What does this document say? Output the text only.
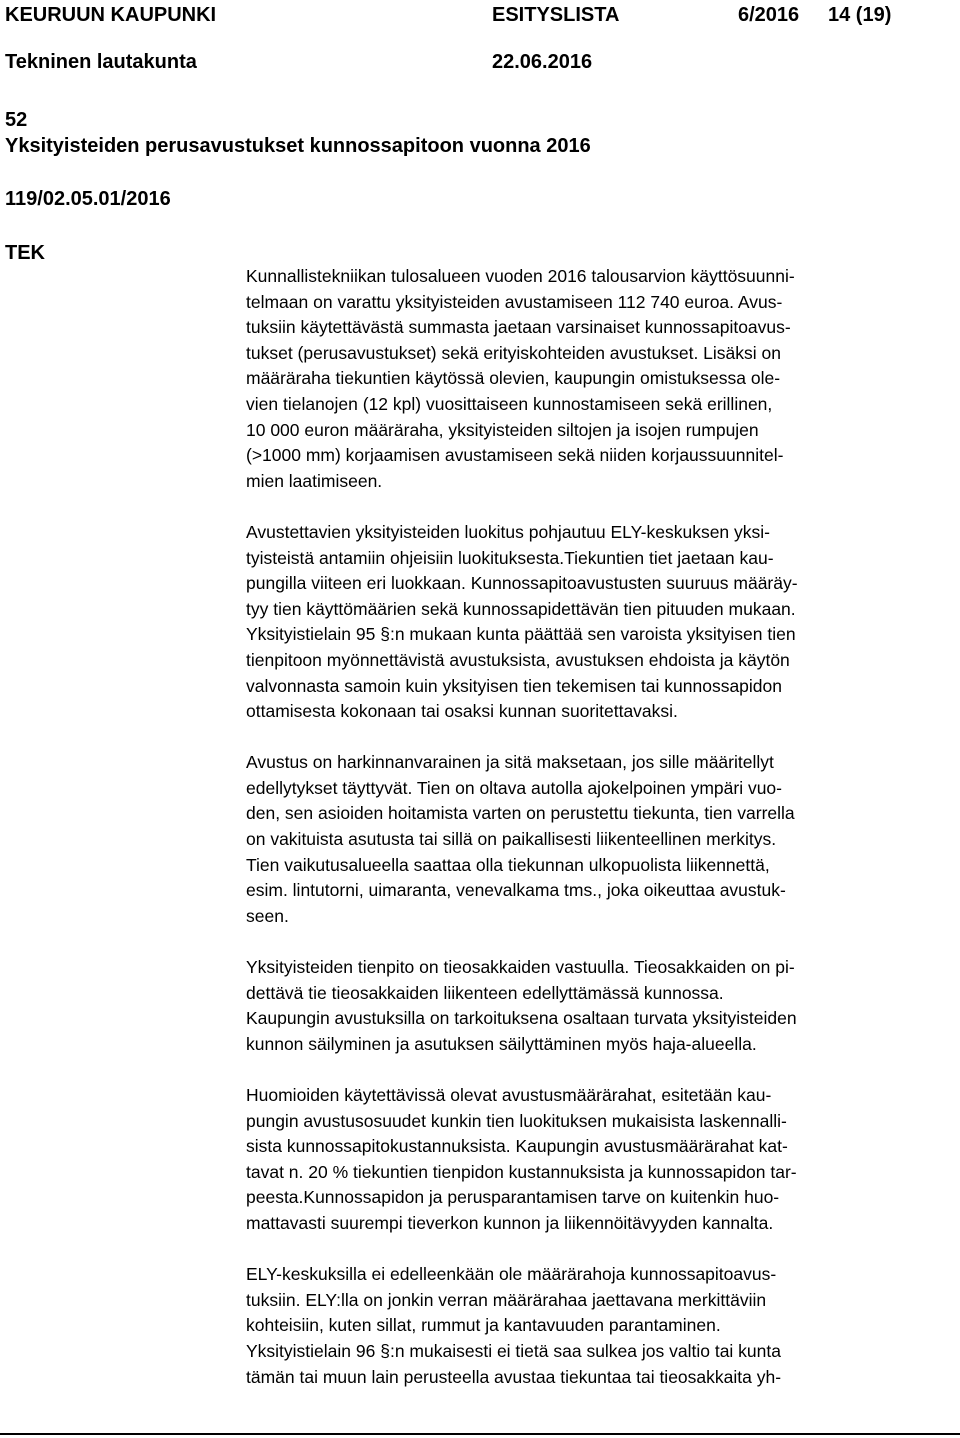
KEURUUN KAUPUNKI	ESITYSLISTA	6/2016 14 (19)
Tekninen lautakunta	22.06.2016
52
Yksityisteiden perusavustukset kunnossapitoon vuonna 2016
119/02.05.01/2016
TEK

Kunnallistekniikan tulosalueen vuoden 2016 talousarvion käyttösuunni-
telmaan on varattu yksityisteiden avustamiseen 112 740 euroa. Avus-
tuksiin käytettävästä summasta jaetaan varsinaiset kunnossapitoavus-
tukset (perusavustukset) sekä erityiskohteiden avustukset. Lisäksi on
määräraha tiekuntien käytössä olevien, kaupungin omistuksessa ole-
vien tielanojen (12 kpl) vuosittaiseen kunnostamiseen sekä erillinen,
10 000 euron määräraha, yksityisteiden siltojen ja isojen rumpujen
(>1000 mm) korjaamisen avustamiseen sekä niiden korjaussuunnitel-
mien laatimiseen.

Avustettavien yksityisteiden luokitus pohjautuu ELY-keskuksen yksi-
tyisteistä antamiin ohjeisiin luokituksesta.Tiekuntien tiet jaetaan kau-
pungilla viiteen eri luokkaan. Kunnossapitoavustusten suuruus määräy-
tyy tien käyttömäärien sekä kunnossapidettävän tien pituuden mukaan.
Yksityistielain 95 §:n mukaan kunta päättää sen varoista yksityisen tien
tienpitoon myönnettävistä avustuksista, avustuksen ehdoista ja käytön
valvonnasta samoin kuin yksityisen tien tekemisen tai kunnossapidon
ottamisesta kokonaan tai osaksi kunnan suoritettavaksi.

Avustus on harkinnanvarainen ja sitä maksetaan, jos sille määritellyt
edellytykset täyttyvät. Tien on oltava autolla ajokelpoinen ympäri vuo-
den, sen asioiden hoitamista varten on perustettu tiekunta, tien varrella
on vakituista asutusta tai sillä on paikallisesti liikenteellinen merkitys.
Tien vaikutusalueella saattaa olla tiekunnan ulkopuolista liikennettä,
esim. lintutorni, uimaranta, venevalkama tms., joka oikeuttaa avustuk-
seen.

Yksityisteiden tienpito on tieosakkaiden vastuulla. Tieosakkaiden on pi-
dettävä tie tieosakkaiden liikenteen edellyttämässä kunnossa.
Kaupungin avustuksilla on tarkoituksena osaltaan turvata yksityisteiden
kunnon säilyminen ja asutuksen säilyttäminen myös haja-alueella.

Huomioiden käytettävissä olevat avustusmäärärahat, esitetään kau-
pungin avustusosuudet kunkin tien luokituksen mukaisista laskennalli-
sista kunnossapitokustannuksista. Kaupungin avustusmäärärahat kat-
tavat n. 20 % tiekuntien tienpidon kustannuksista ja kunnossapidon tar-
peesta.Kunnossapidon ja perusparantamisen tarve on kuitenkin huo-
mattavasti suurempi tieverkon kunnon ja liikennöitävyyden kannalta.

ELY-keskuksilla ei edelleenkään ole määrärahoja kunnossapitoavus-
tuksiin. ELY:lla on jonkin verran määrärahaa jaettavana merkittäviin
kohteisiin, kuten sillat, rummut ja kantavuuden parantaminen.
Yksityistielain 96 §:n mukaisesti ei tietä saa sulkea jos valtio tai kunta
tämän tai muun lain perusteella avustaa tiekuntaa tai tieosakkaita yh-
